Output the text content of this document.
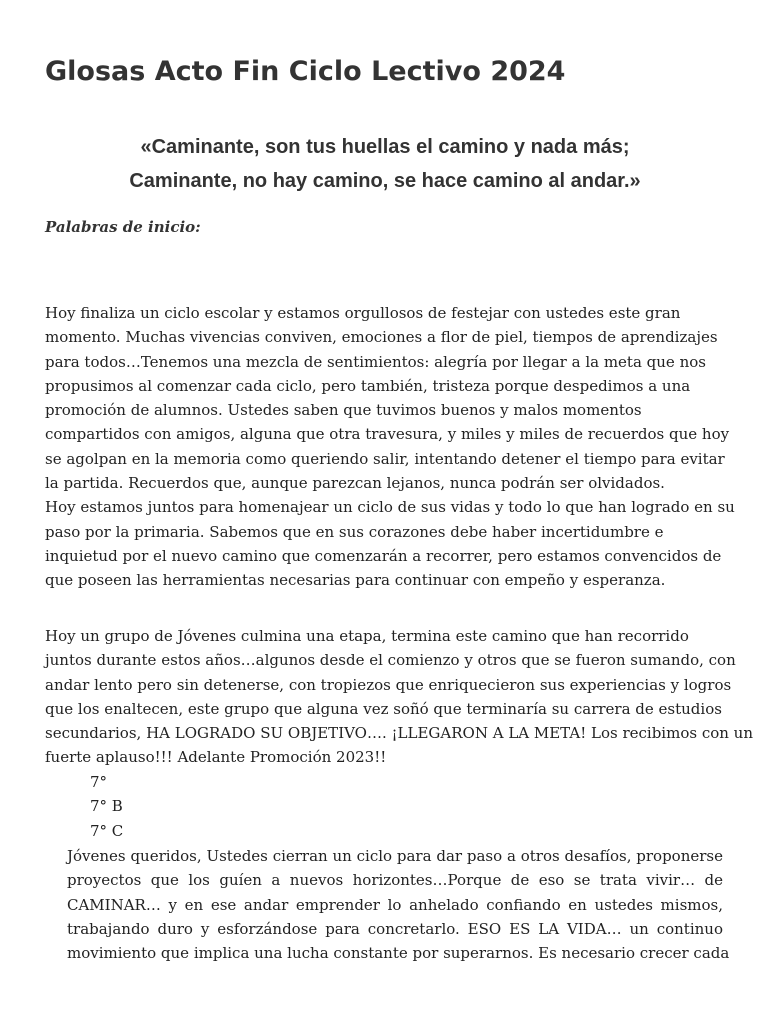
Glosas Acto Fin Ciclo Lectivo 2024
«Caminante, son tus huellas el camino y nada más;
Caminante, no hay camino, se hace camino al andar.»
Palabras de inicio:
Hoy finaliza un ciclo escolar y estamos orgullosos de festejar con ustedes este gran
momento. Muchas vivencias conviven, emociones a flor de piel, tiempos de aprendizajes
para todos…Tenemos una mezcla de sentimientos: alegría por llegar a la meta que nos
propusimos al comenzar cada ciclo, pero también, tristeza porque despedimos a una
promoción de alumnos. Ustedes saben que tuvimos buenos y malos momentos
compartidos con amigos, alguna que otra travesura, y miles y miles de recuerdos que hoy
se agolpan en la memoria como queriendo salir, intentando detener el tiempo para evitar
la partida. Recuerdos que, aunque parezcan lejanos, nunca podrán ser olvidados.
Hoy estamos juntos para homenajear un ciclo de sus vidas y todo lo que han logrado en su
paso por la primaria. Sabemos que en sus corazones debe haber incertidumbre e
inquietud por el nuevo camino que comenzarán a recorrer, pero estamos convencidos de
que poseen las herramientas necesarias para continuar con empeño y esperanza.
Hoy un grupo de Jóvenes culmina una etapa, termina este camino que han recorrido
juntos durante estos años…algunos desde el comienzo y otros que se fueron sumando, con
andar lento pero sin detenerse, con tropiezos que enriquecieron sus experiencias y logros
que los enaltecen, este grupo que alguna vez soñó que terminaría su carrera de estudios
secundarios, HA LOGRADO SU OBJETIVO…. ¡LLEGARON A LA META! Los recibimos con un
fuerte aplauso!!! Adelante Promoción 2023!!
7°
7° B
7° C
Jóvenes queridos, Ustedes cierran un ciclo para dar paso a otros desafíos, proponerse
proyectos que los guíen a nuevos horizontes…Porque de eso se trata vivir… de
CAMINAR… y en ese andar emprender lo anhelado confiando en ustedes mismos,
trabajando duro y esforzándose para concretarlo. ESO ES LA VIDA… un continuo
movimiento que implica una lucha constante por superarnos. Es necesario crecer cada
